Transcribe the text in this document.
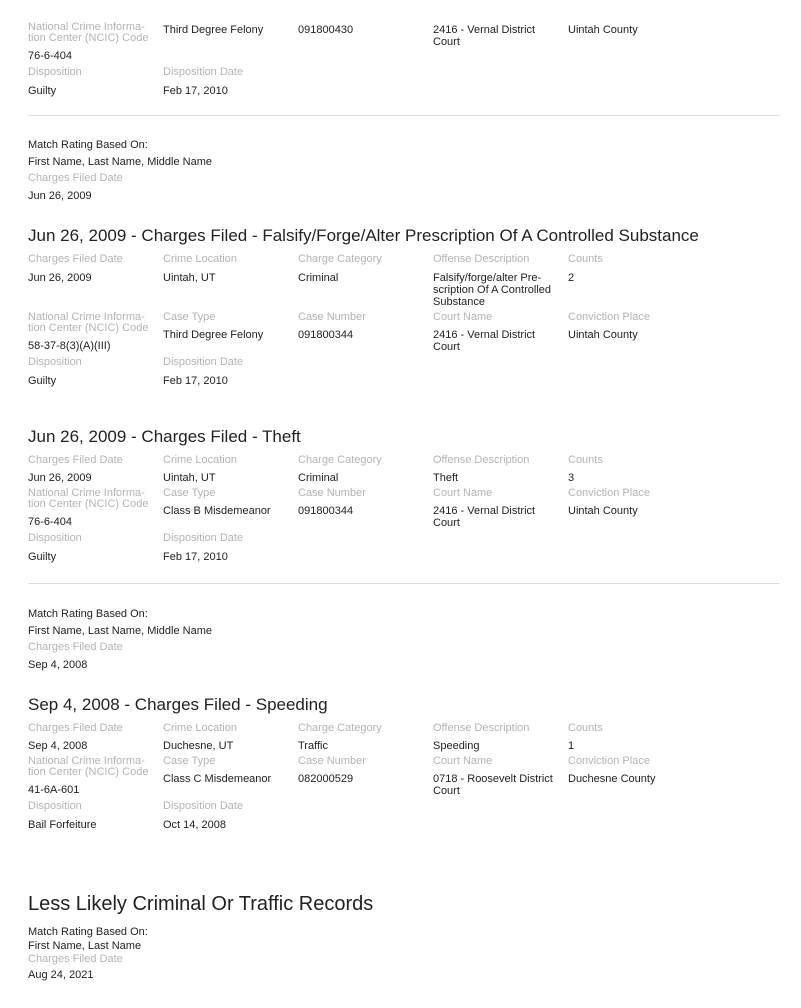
National Crime Informa- tion Center (NCIC) Code
76-6-404
Third Degree Felony	091800430	2416 - Vernal District Court
Uintah County
Disposition
Guilty
Disposition Date
Feb 17, 2010
Match Rating Based On:
First Name, Last Name, Middle Name
Charges Filed Date
Jun 26, 2009
Jun 26, 2009 - Charges Filed - Falsify/Forge/Alter Prescription Of A Controlled Substance
Charges Filed Date
Jun 26, 2009
Crime Location
Uintah, UT
Charge Category
Criminal
Offense Description
Falsify/forge/alter Pre- scription Of A Controlled Substance
Counts
2
National Crime Informa- tion Center (NCIC) Code
58-37-8(3)(A)(III)
Case Type
Third Degree Felony
Case Number
091800344
Court Name
2416 - Vernal District Court
Conviction Place
Uintah County
Disposition
Guilty
Disposition Date
Feb 17, 2010
Jun 26, 2009 - Charges Filed - Theft
Charges Filed Date
Jun 26, 2009
Crime Location
Uintah, UT
Charge Category
Criminal
Offense Description
Theft
Counts
3
National Crime Informa- tion Center (NCIC) Code
76-6-404
Case Type
Class B Misdemeanor
Case Number
091800344
Court Name
2416 - Vernal District Court
Conviction Place
Uintah County
Disposition
Guilty
Disposition Date
Feb 17, 2010
Match Rating Based On:
First Name, Last Name, Middle Name
Charges Filed Date
Sep 4, 2008
Sep 4, 2008 - Charges Filed - Speeding
Charges Filed Date
Sep 4, 2008
Crime Location
Duchesne, UT
Charge Category
Traffic
Offense Description
Speeding
Counts
1
National Crime Informa- tion Center (NCIC) Code
41-6A-601
Case Type
Class C Misdemeanor
Case Number
082000529
Court Name
0718 - Roosevelt District Court
Conviction Place
Duchesne County
Disposition
Bail Forfeiture
Disposition Date
Oct 14, 2008
Less Likely Criminal Or Traffic Records
Match Rating Based On:
First Name, Last Name
Charges Filed Date
Aug 24, 2021
